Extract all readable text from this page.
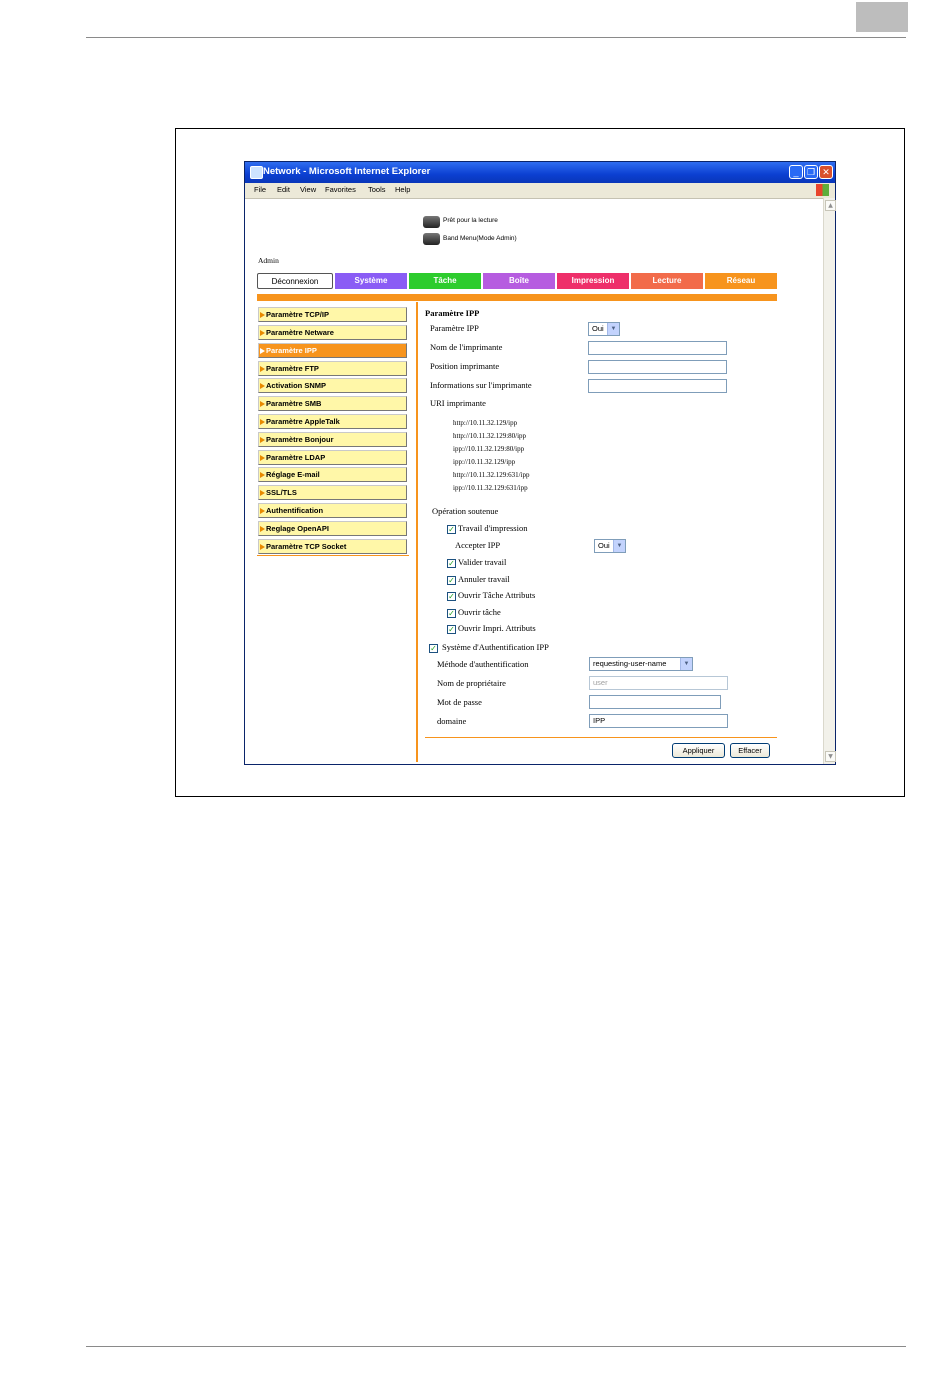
Network - Microsoft Internet Explorer	_ ❐ ✕
File Edit View Favorites Tools Help
Prêt pour la lecture
Band Menu(Mode Admin)
Admin
Déconnexion	Système	Tâche	Boîte	Impression	Lecture	Réseau
Paramètre TCP/IP
Paramètre Netware
Paramètre IPP
Paramètre FTP
Activation SNMP
Paramètre SMB
Paramètre AppleTalk
Paramètre Bonjour
Paramètre LDAP
Réglage E-mail
SSL/TLS
Authentification
Reglage OpenAPI
Paramètre TCP Socket
Paramètre IPP
Paramètre IPP	Oui	▼
Nom de l'imprimante
Position imprimante
Informations sur l'imprimante
URI imprimante
http://10.11.32.129/ipp
http://10.11.32.129:80/ipp
ipp://10.11.32.129:80/ipp
ipp://10.11.32.129/ipp
http://10.11.32.129:631/ipp
ipp://10.11.32.129:631/ipp
Opération soutenue
✓ Travail d'impression
Accepter IPP	Oui	▼
✓ Valider travail
✓ Annuler travail
✓ Ouvrir Tâche Attributs
✓ Ouvrir tâche
✓ Ouvrir Impri. Attributs
✓ Système d'Authentification IPP
Méthode d'authentification	requesting-user-name	▼
Nom de propriétaire	user
Mot de passe
domaine	IPP
Appliquer	Effacer
▲
▼
